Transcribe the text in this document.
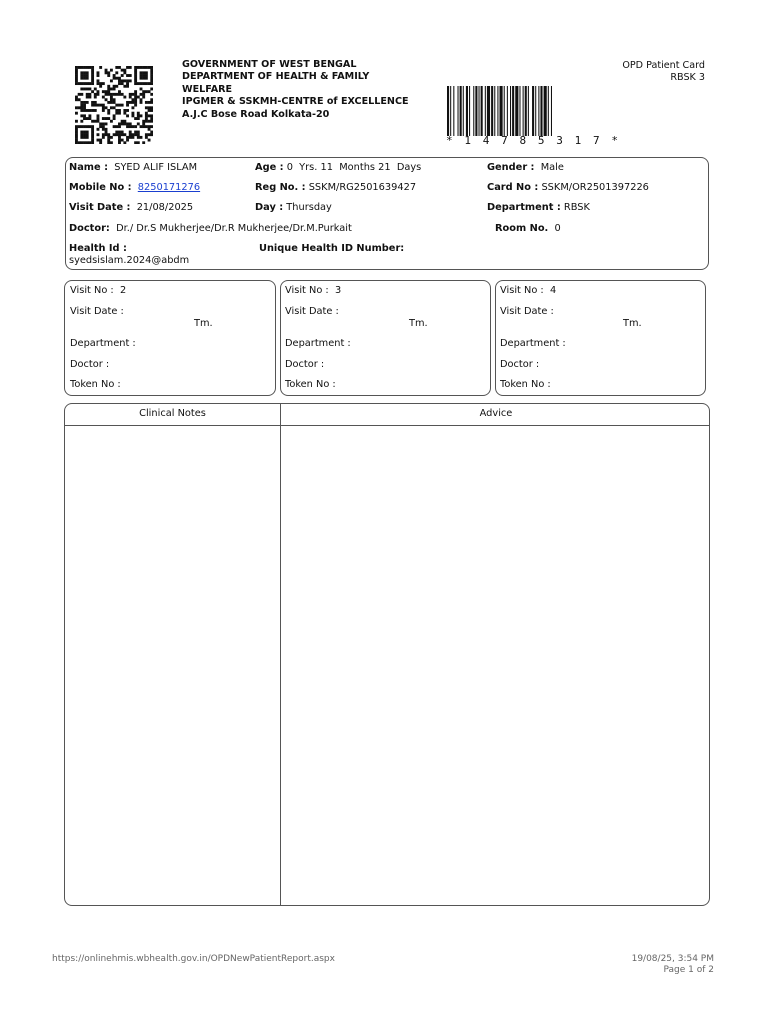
GOVERNMENT OF WEST BENGAL
DEPARTMENT OF HEALTH & FAMILY
WELFARE
IPGMER & SSKMH-CENTRE of EXCELLENCE
A.J.C Bose Road Kolkata-20
OPD Patient Card
RBSK 3
* 1 4 7 8 5 3 1 7 *
Name : SYED ALIF ISLAM	Age : 0  Yrs. 11  Months 21  Days	Gender : Male
Mobile No : 8250171276	Reg No. : SSKM/RG2501639427	Card No : SSKM/OR2501397226
Visit Date : 21/08/2025	Day : Thursday	Department : RBSK
Doctor: Dr./ Dr.S Mukherjee/Dr.R Mukherjee/Dr.M.Purkait	Room No. 0
Health Id :	Unique Health ID Number:
syedsislam.2024@abdm
Visit No : 2
Visit Date :
Tm.
Department :
Doctor :
Token No :
Visit No : 3
Visit Date :
Tm.
Department :
Doctor :
Token No :
Visit No : 4
Visit Date :
Tm.
Department :
Doctor :
Token No :
Clinical Notes	Advice
https://onlinehmis.wbhealth.gov.in/OPDNewPatientReport.aspx	19/08/25, 3:54 PM
Page 1 of 2
